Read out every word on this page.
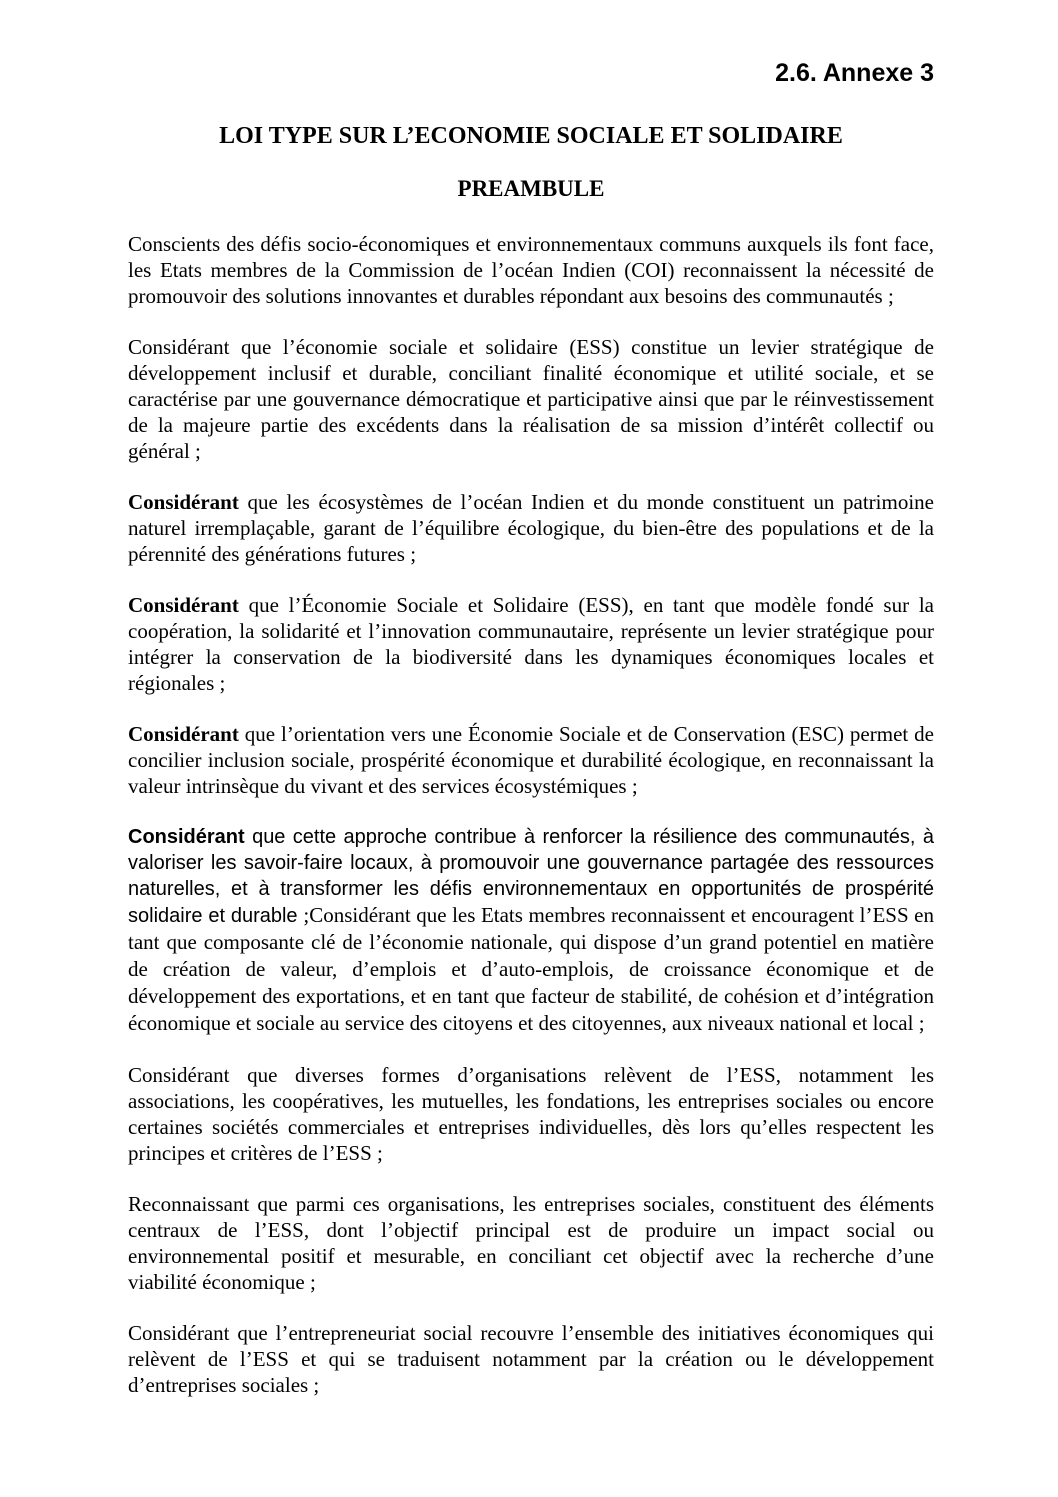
2.6. Annexe 3
LOI TYPE SUR L’ECONOMIE SOCIALE ET SOLIDAIRE
PREAMBULE

Conscients des défis socio-économiques et environnementaux communs auxquels ils font face, les Etats membres de la Commission de l’océan Indien (COI) reconnaissent la nécessité de promouvoir des solutions innovantes et durables répondant aux besoins des communautés ;

Considérant que l’économie sociale et solidaire (ESS) constitue un levier stratégique de développement inclusif et durable, conciliant finalité économique et utilité sociale, et se caractérise par une gouvernance démocratique et participative ainsi que par le réinvestissement de la majeure partie des excédents dans la réalisation de sa mission d’intérêt collectif ou général ;

Considérant que les écosystèmes de l’océan Indien et du monde constituent un patrimoine naturel irremplaçable, garant de l’équilibre écologique, du bien-être des populations et de la pérennité des générations futures ;

Considérant que l’Économie Sociale et Solidaire (ESS), en tant que modèle fondé sur la coopération, la solidarité et l’innovation communautaire, représente un levier stratégique pour intégrer la conservation de la biodiversité dans les dynamiques économiques locales et régionales ;

Considérant que l’orientation vers une Économie Sociale et de Conservation (ESC) permet de concilier inclusion sociale, prospérité économique et durabilité écologique, en reconnaissant la valeur intrinsèque du vivant et des services écosystémiques ;

Considérant que cette approche contribue à renforcer la résilience des communautés, à valoriser les savoir-faire locaux, à promouvoir une gouvernance partagée des ressources naturelles, et à transformer les défis environnementaux en opportunités de prospérité solidaire et durable ;Considérant que les Etats membres reconnaissent et encouragent l’ESS en tant que composante clé de l’économie nationale, qui dispose d’un grand potentiel en matière de création de valeur, d’emplois et d’auto-emplois, de croissance économique et de développement des exportations, et en tant que facteur de stabilité, de cohésion et d’intégration économique et sociale au service des citoyens et des citoyennes, aux niveaux national et local ;

Considérant que diverses formes d’organisations relèvent de l’ESS, notamment les associations, les coopératives, les mutuelles, les fondations, les entreprises sociales ou encore certaines sociétés commerciales et entreprises individuelles, dès lors qu’elles respectent les principes et critères de l’ESS ;

Reconnaissant que parmi ces organisations, les entreprises sociales, constituent des éléments centraux de l’ESS, dont l’objectif principal est de produire un impact social ou environnemental positif et mesurable, en conciliant cet objectif avec la recherche d’une viabilité économique ;

Considérant que l’entrepreneuriat social recouvre l’ensemble des initiatives économiques qui relèvent de l’ESS et qui se traduisent notamment par la création ou le développement d’entreprises sociales ;
